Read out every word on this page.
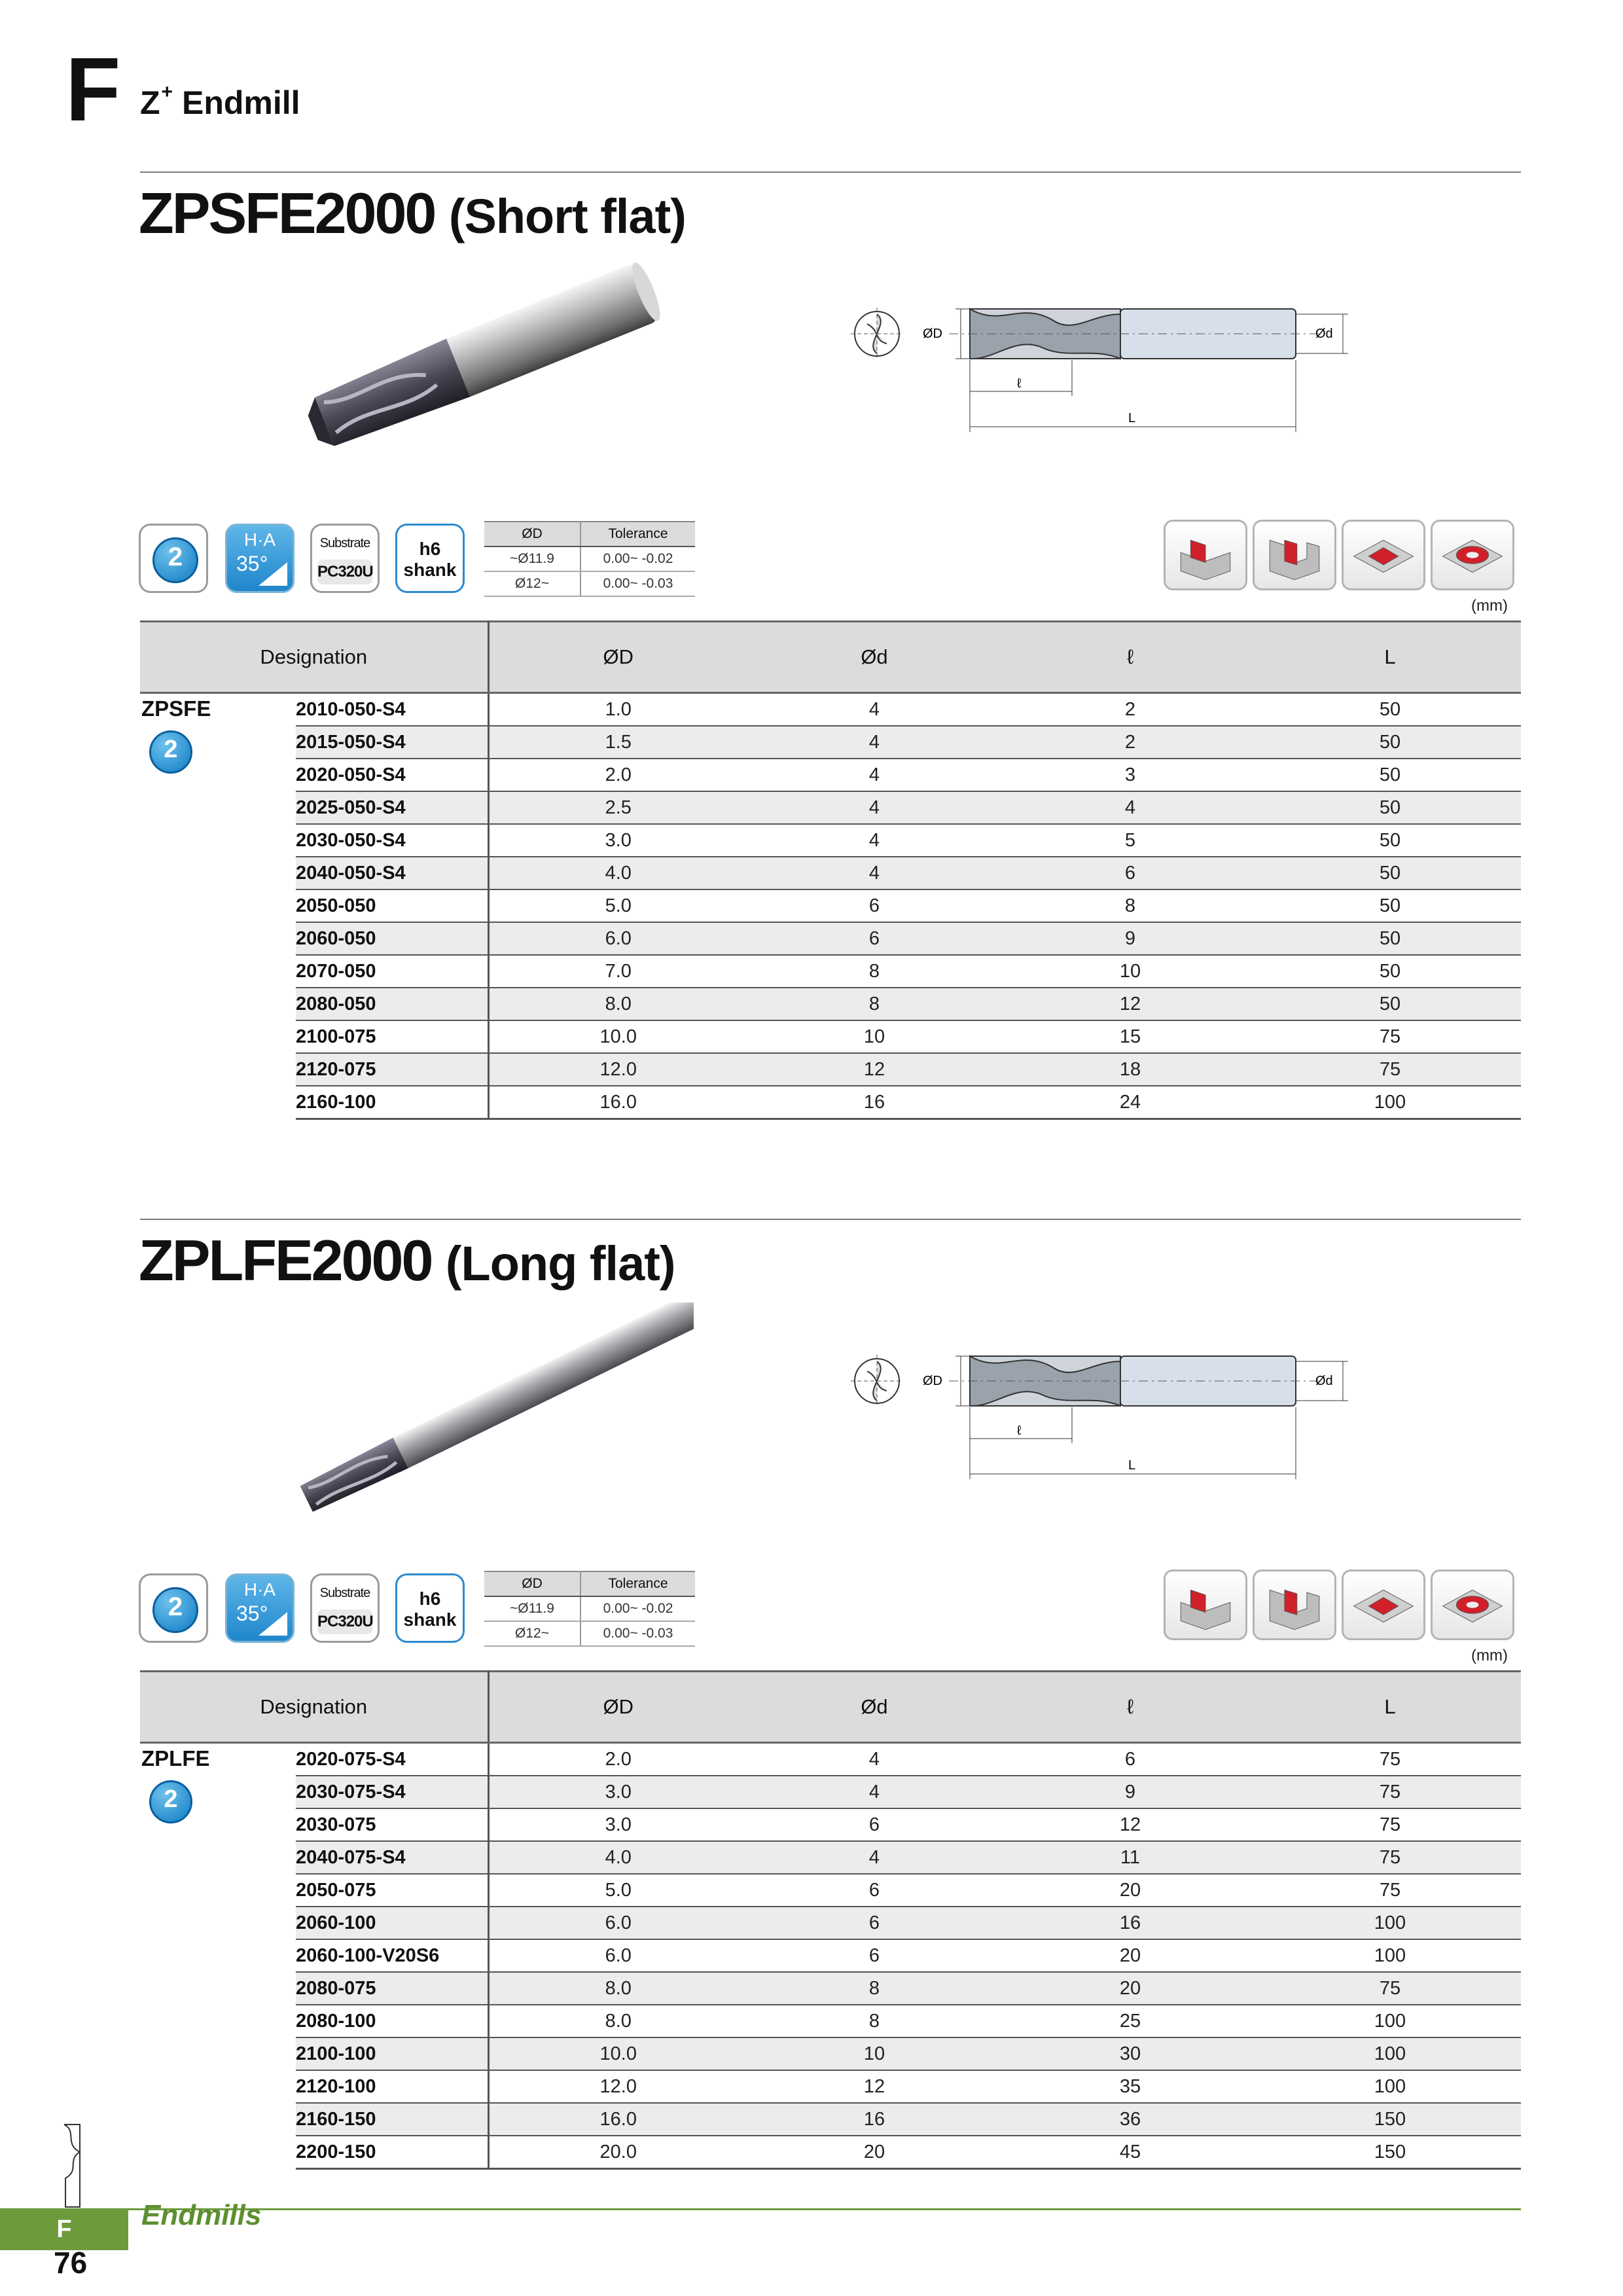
F Z+ Endmill
ZPSFE2000 (Short flat)
ØD	Ød
ℓ
L
2
H·A
35°
Substrate
PC320U
h6
shank
ØD	Tolerance
~Ø11.9	0.00~ -0.02
Ø12~	0.00~ -0.03
(mm)
Designation		ØD	Ød	ℓ	L

ZPSFE
2	2010-050-S4	1.0	4	2	50
	2015-050-S4	1.5	4	2	50
	2020-050-S4	2.0	4	3	50
	2025-050-S4	2.5	4	4	50
	2030-050-S4	3.0	4	5	50
	2040-050-S4	4.0	4	6	50
	2050-050	5.0	6	8	50
	2060-050	6.0	6	9	50
	2070-050	7.0	8	10	50
	2080-050	8.0	8	12	50
	2100-075	10.0	10	15	75
	2120-075	12.0	12	18	75
	2160-100	16.0	16	24	100
ZPLFE2000 (Long flat)
ØD	Ød
ℓ
L
2
H·A
35°
Substrate
PC320U
h6
shank
ØD	Tolerance
~Ø11.9	0.00~ -0.02
Ø12~	0.00~ -0.03
(mm)
Designation		ØD	Ød	ℓ	L

ZPLFE
2	2020-075-S4	2.0	4	6	75
	2030-075-S4	3.0	4	9	75
	2030-075	3.0	6	12	75
	2040-075-S4	4.0	4	11	75
	2050-075	5.0	6	20	75
	2060-100	6.0	6	16	100
	2060-100-V20S6	6.0	6	20	100
	2080-075	8.0	8	20	75
	2080-100	8.0	8	25	100
	2100-100	10.0	10	30	100
	2120-100	12.0	12	35	100
	2160-150	16.0	16	36	150
	2200-150	20.0	20	45	150
F	Endmills
76
